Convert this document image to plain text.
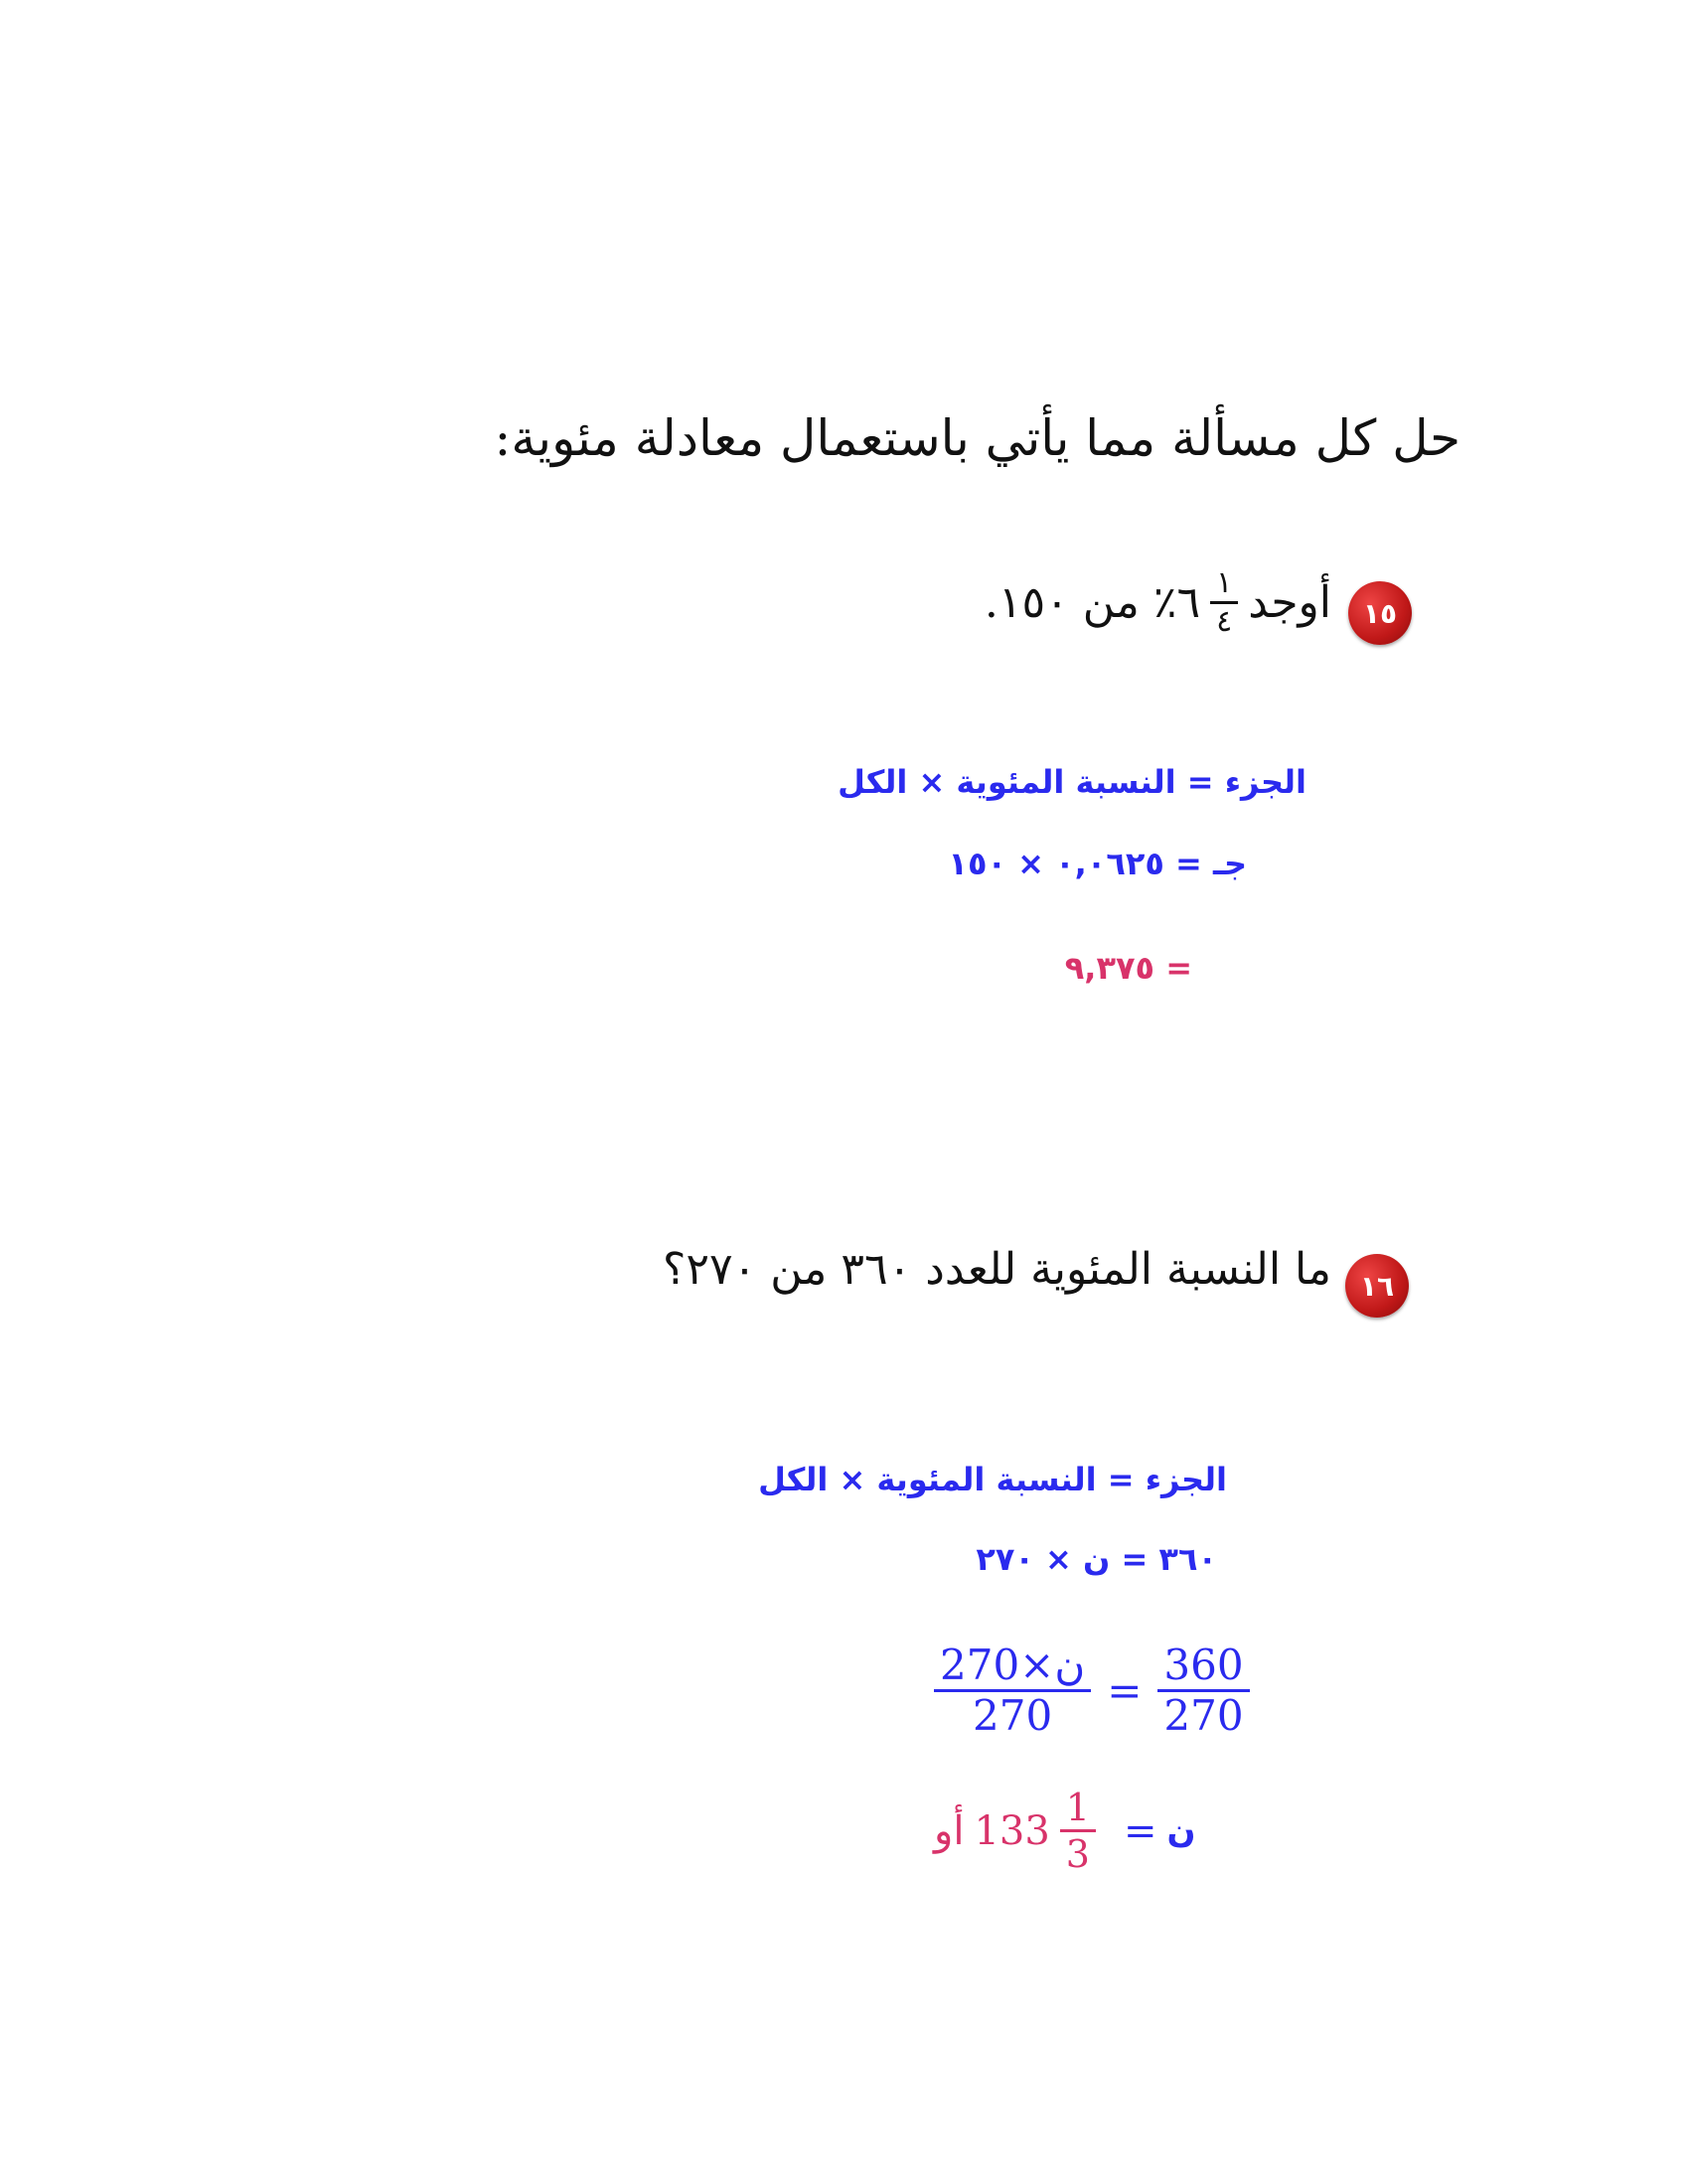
حل كل مسألة مما يأتي باستعمال معادلة مئوية:
١٥
أوجد
$\frac{١}{٤}$
٦٪ من ١٥٠.
الجزء = النسبة المئوية × الكل
جـ = ٠,٠٦٢٥ × ١٥٠
= ٩,٣٧٥
١٦
ما النسبة المئوية للعدد ٣٦٠ من ٢٧٠؟
الجزء = النسبة المئوية × الكل
٣٦٠ = ن × ٢٧٠
$\frac{\text{ن×270}}{270} = \frac{360}{270}$
أو $133 \frac{1}{3}$ = ن
